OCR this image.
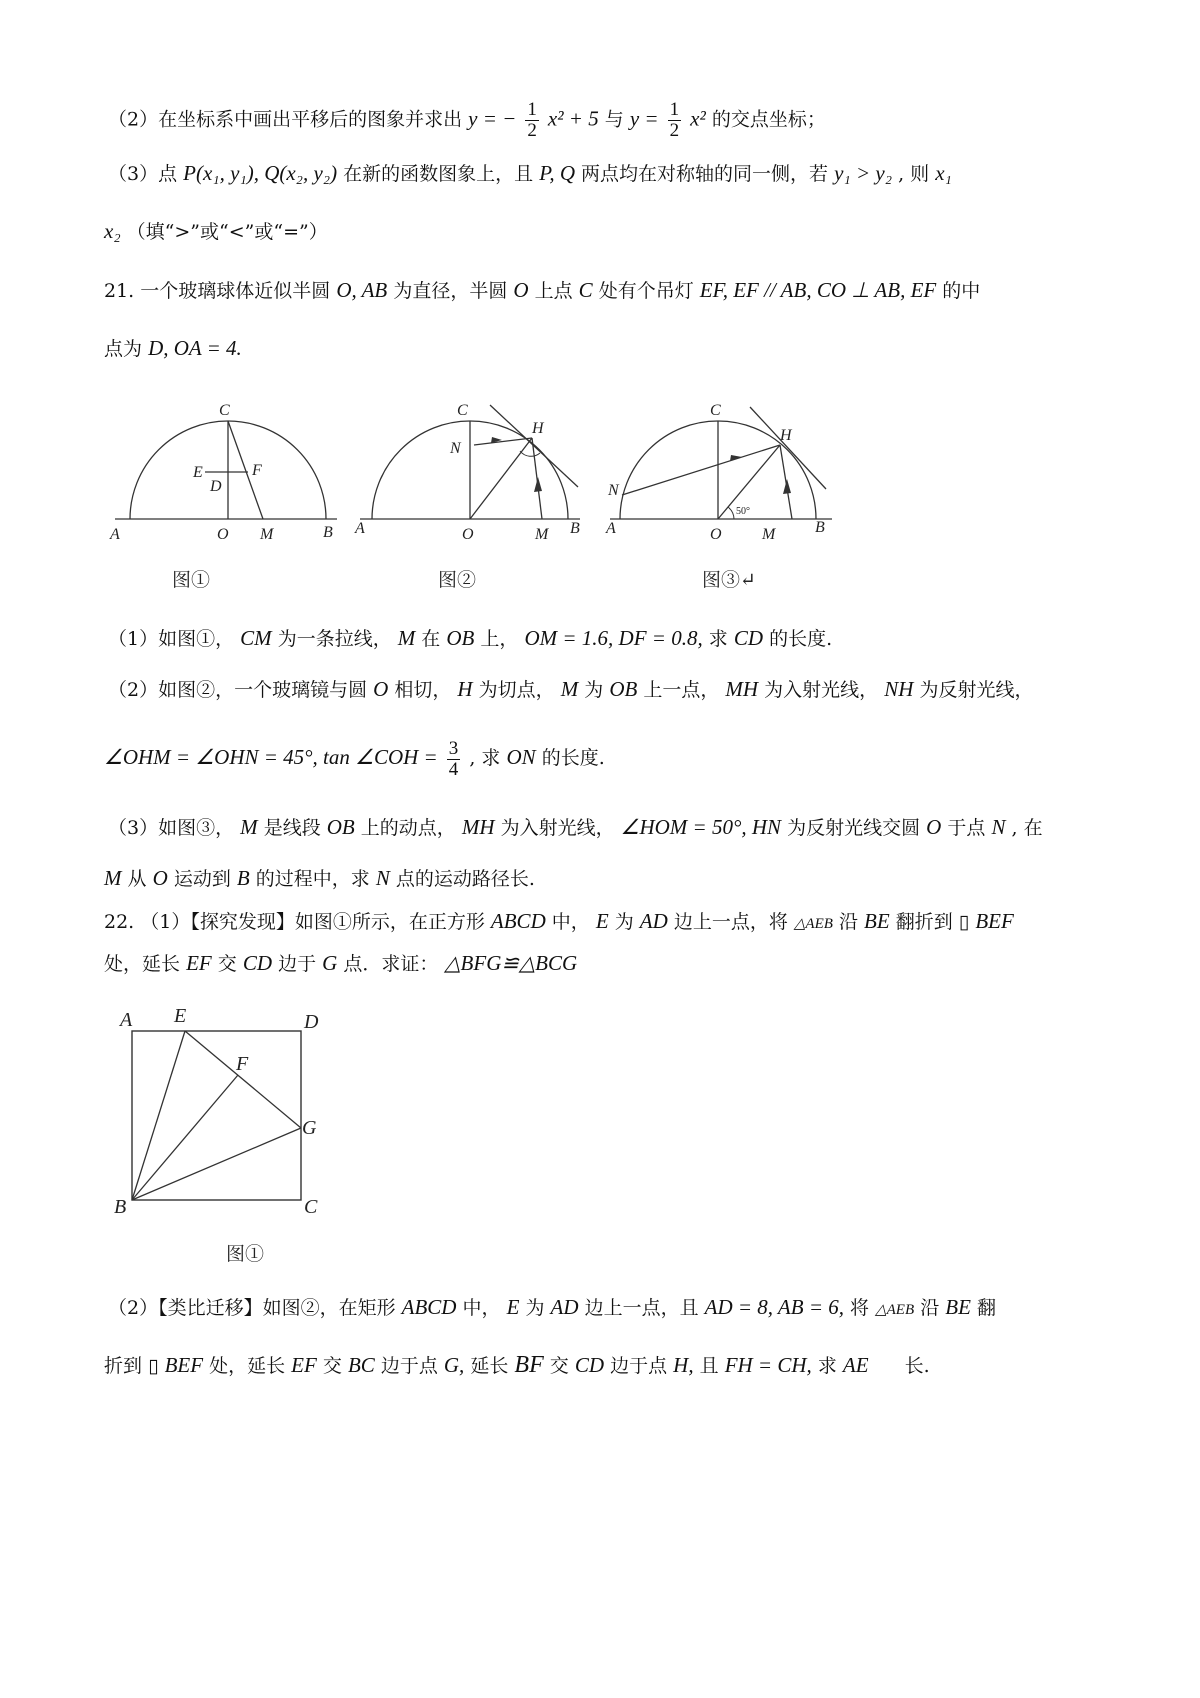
（2）在坐标系中画出平移后的图象并求出 y = − $\frac{1}{2} x^2 + 5$ 与 $y = \frac{1}{2} x^2$ 的交点坐标；
（3）点 P(x₁, y₁), Q(x₂, y₂) 在新的函数图象上，且 P, Q 两点均在对称轴的同一侧，若 y₁ > y₂ , 则 x₁
x₂ （填“>”或“<”或“=”）
21. 一个玻璃球体近似半圆 O, AB 为直径，半圆 O 上点 C 处有个吊灯 EF, EF // AB, CO ⊥ AB, EF 的中
点为 D, OA = 4.
C
E	F
D
A	O M	B
图①
C
H
N
A	O	M B
图②
C
H
N
A	O	M B
50°
图③↵
（1）如图①， CM 为一条拉线， M 在 OB 上， OM = 1.6, DF = 0.8, 求 CD 的长度.
（2）如图②，一个玻璃镜与圆 O 相切， H 为切点， M 为 OB 上一点， MH 为入射光线， NH 为反射光线，
∠OHM = ∠OHN = 45°, tan ∠COH = $\frac{3}{4}$ , 求 ON 的长度.
（3）如图③， M 是线段 OB 上的动点， MH 为入射光线， ∠HOM = 50°, HN 为反射光线交圆 O 于点 N , 在
M 从 O 运动到 B 的过程中，求 N 点的运动路径长.
22. （1）【探究发现】如图①所示，在正方形 ABCD 中， E 为 AD 边上一点，将 △AEB 沿 BE 翻折到 ▯ BEF
处，延长 EF 交 CD 边于 G 点．求证： △BFG≌△BCG
A E	D
F
G
B	C
图①
（2）【类比迁移】如图②，在矩形 ABCD 中， E 为 AD 边上一点，且 AD = 8, AB = 6, 将 △AEB 沿 BE 翻
折到 ▯ BEF 处，延长 EF 交 BC 边于点 G, 延长 BF 交 CD 边于点 H, 且 FH = CH, 求 AE 长.
